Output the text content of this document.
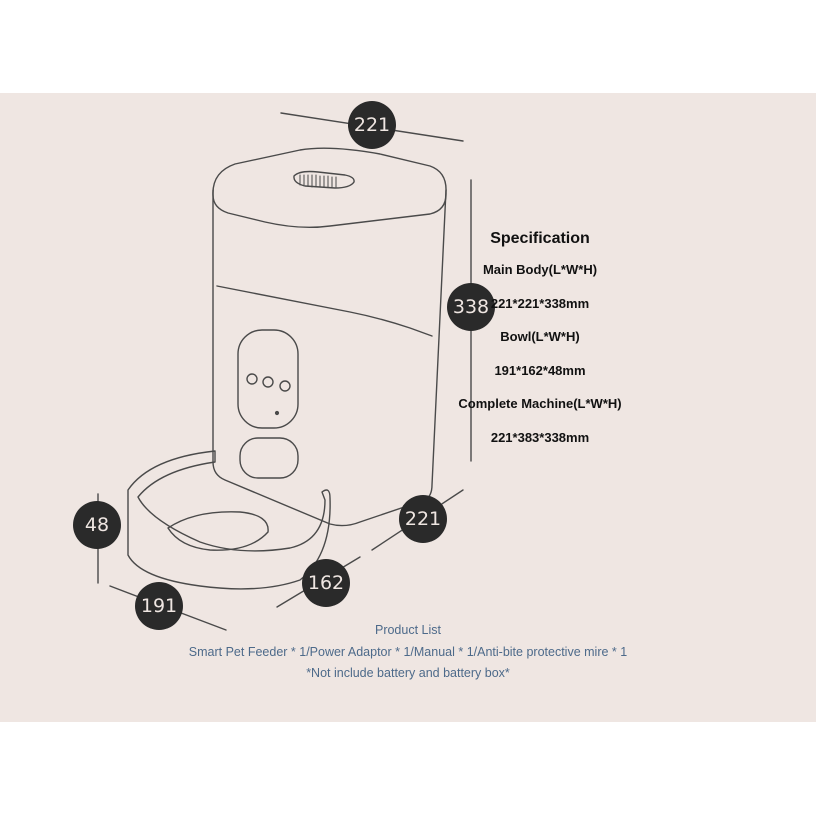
221
338
221
48
191
162
Specification
Main Body(L*W*H)
221*221*338mm
Bowl(L*W*H)
191*162*48mm
Complete Machine(L*W*H)
221*383*338mm
Product List
Smart Pet Feeder * 1/Power Adaptor * 1/Manual * 1/Anti-bite protective mire * 1
*Not include battery and battery box*
